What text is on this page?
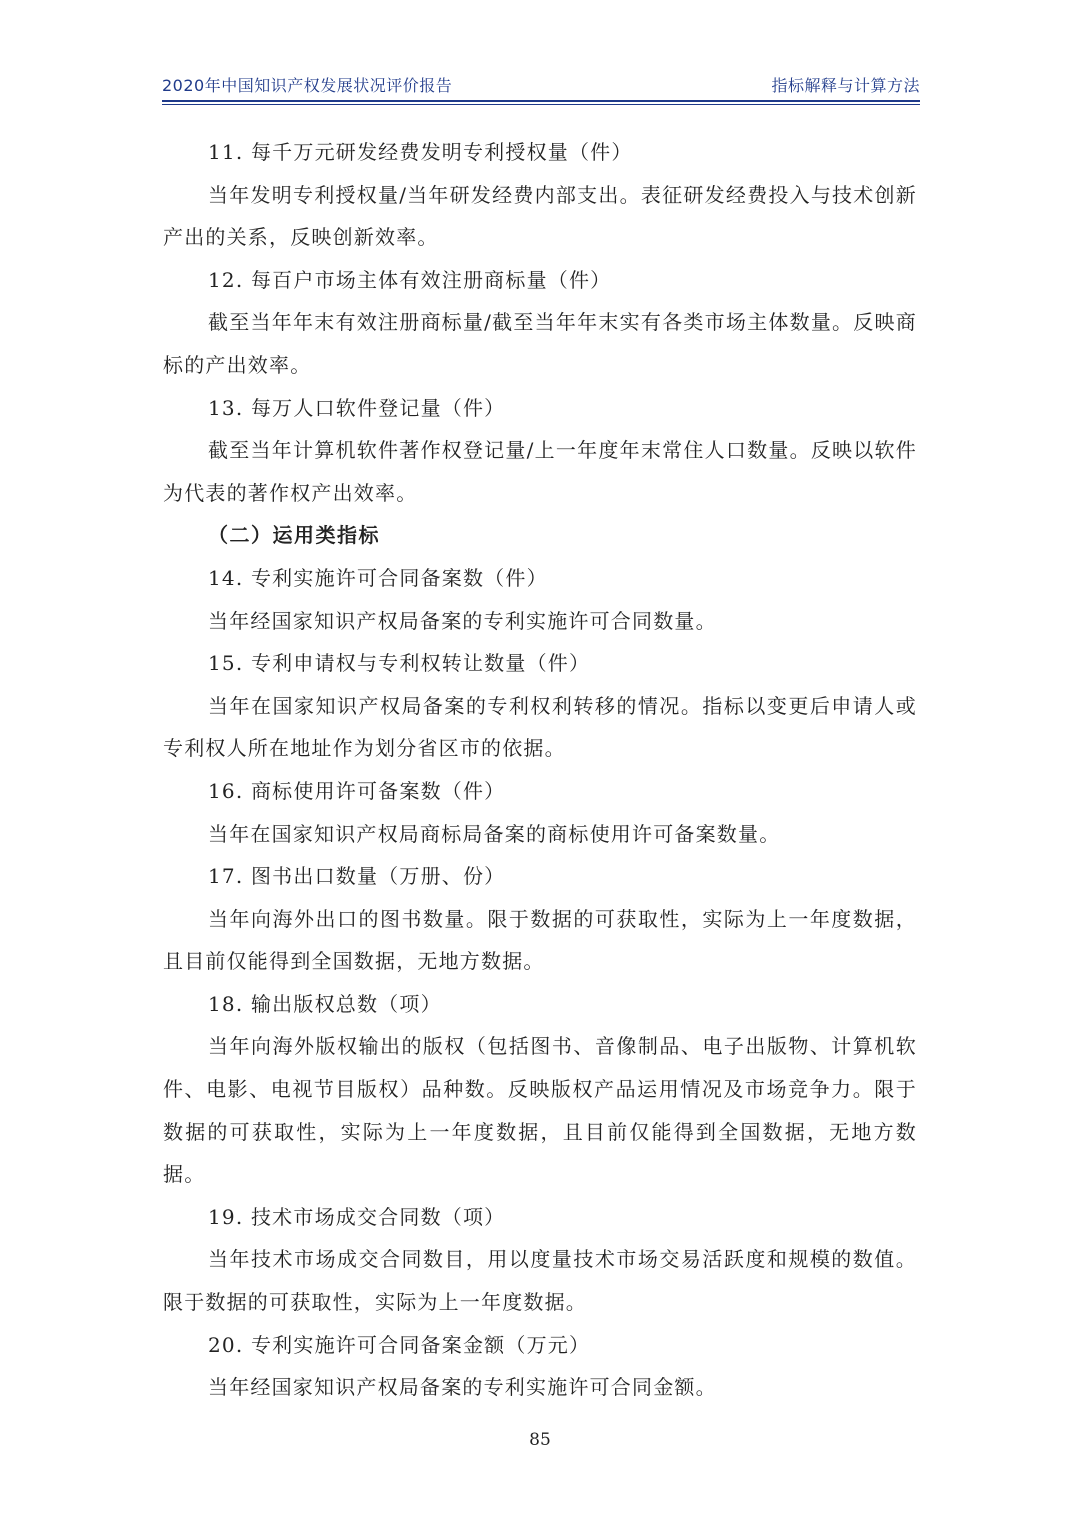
2020年中国知识产权发展状况评价报告	指标解释与计算方法

11. 每千万元研发经费发明专利授权量（件）

当年发明专利授权量/当年研发经费内部支出。表征研发经费投入与技术创新产出的关系，反映创新效率。

12. 每百户市场主体有效注册商标量（件）

截至当年年末有效注册商标量/截至当年年末实有各类市场主体数量。反映商标的产出效率。

13. 每万人口软件登记量（件）

截至当年计算机软件著作权登记量/上一年度年末常住人口数量。反映以软件为代表的著作权产出效率。

（二）运用类指标

14. 专利实施许可合同备案数（件）

当年经国家知识产权局备案的专利实施许可合同数量。

15. 专利申请权与专利权转让数量（件）

当年在国家知识产权局备案的专利权利转移的情况。指标以变更后申请人或专利权人所在地址作为划分省区市的依据。

16. 商标使用许可备案数（件）

当年在国家知识产权局商标局备案的商标使用许可备案数量。

17. 图书出口数量（万册、份）

当年向海外出口的图书数量。限于数据的可获取性，实际为上一年度数据，且目前仅能得到全国数据，无地方数据。

18. 输出版权总数（项）

当年向海外版权输出的版权（包括图书、音像制品、电子出版物、计算机软件、电影、电视节目版权）品种数。反映版权产品运用情况及市场竞争力。限于数据的可获取性，实际为上一年度数据，且目前仅能得到全国数据，无地方数据。

19. 技术市场成交合同数（项）

当年技术市场成交合同数目，用以度量技术市场交易活跃度和规模的数值。限于数据的可获取性，实际为上一年度数据。

20. 专利实施许可合同备案金额（万元）

当年经国家知识产权局备案的专利实施许可合同金额。

85
